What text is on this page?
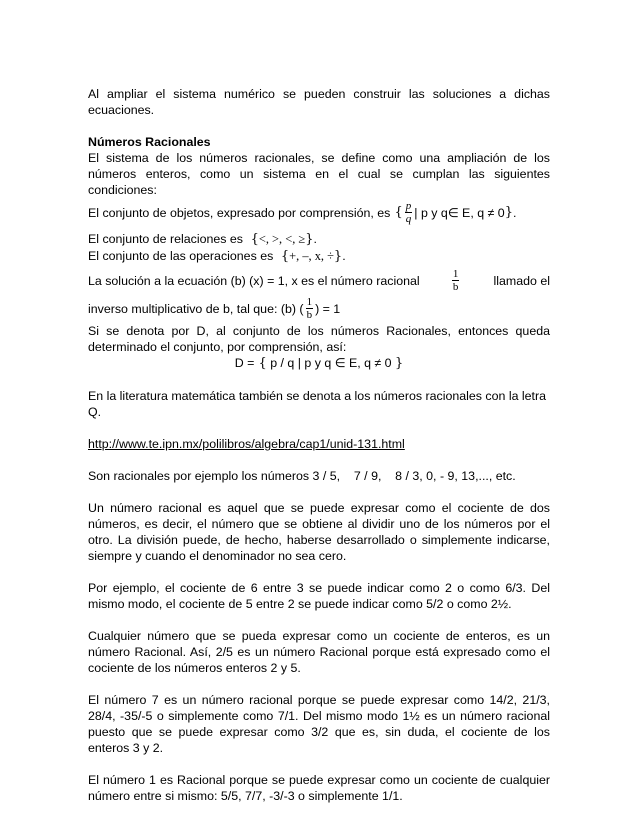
Al ampliar el sistema numérico se pueden construir las soluciones a dichas ecuaciones.

Números Racionales

El sistema de los números racionales, se define como una ampliación de los números enteros, como un sistema en el cual se cumplan las siguientes condiciones:

El conjunto de objetos, expresado por comprensión, es { $\frac{p}{q}$ | p y q∈ E, q ≠ 0 } .

El conjunto de relaciones es  {<, >, <, ≥}.

El conjunto de las operaciones es  {+, –, x, ÷}.

La solución a la ecuación (b) (x) = 1, x es el número racional	$\frac{1}{b}$	llamado el
inverso multiplicativo de b, tal que: (b) ( $\frac{1}{b}$ ) = 1

Si se denota por D, al conjunto de los números Racionales, entonces queda determinado el conjunto, por comprensión, así:

D = { p / q | p y q ∈ E, q ≠ 0 }

En la literatura matemática también se denota a los números racionales con la letra Q.

http://www.te.ipn.mx/polilibros/algebra/cap1/unid-131.html

Son racionales por ejemplo los números 3 / 5,    7 / 9,    8 / 3, 0, - 9, 13,..., etc.

Un número racional es aquel que se puede expresar como el cociente de dos números, es decir, el número que se obtiene al dividir uno de los números por el otro. La división puede, de hecho, haberse desarrollado o simplemente indicarse, siempre y cuando el denominador no sea cero.

Por ejemplo, el cociente de 6 entre 3 se puede indicar como 2 o como 6/3. Del mismo modo, el cociente de 5 entre 2 se puede indicar como 5/2 o como 2½.

Cualquier número que se pueda expresar como un cociente de enteros, es un número Racional. Así, 2/5 es un número Racional porque está expresado como el cociente de los números enteros 2 y 5.

El número 7 es un número racional porque se puede expresar como 14/2, 21/3, 28/4, -35/-5 o simplemente como 7/1. Del mismo modo 1½ es un número racional puesto que se puede expresar como 3/2 que es, sin duda, el cociente de los enteros 3 y 2.

El número 1 es Racional porque se puede expresar como un cociente de cualquier número entre si mismo: 5/5, 7/7, -3/-3 o simplemente 1/1.
